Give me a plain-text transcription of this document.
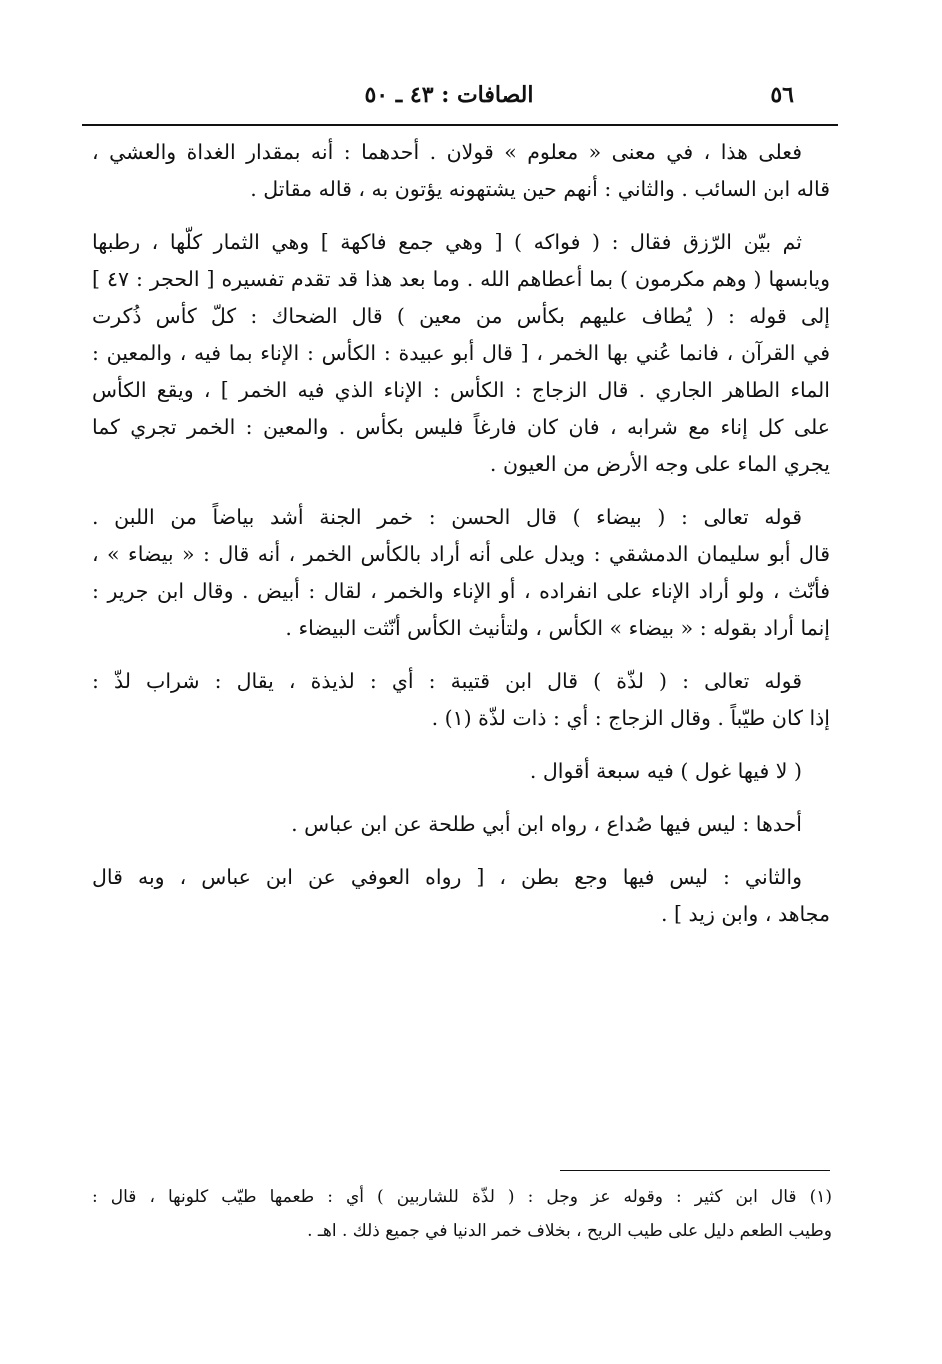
٥٦
الصافات : ٤٣ ـ ٥٠
فعلى هذا ، في معنى « معلوم » قولان . أحدهما : أنه بمقدار الغداة والعشي ،
قاله ابن السائب . والثاني : أنهم حين يشتهونه يؤتون به ، قاله مقاتل .
ثم بيّن الرّزق فقال : ( فواكه ) [ وهي جمع فاكهة ] وهي الثمار كلّها ، رطبها
ويابسها ( وهم مكرمون ) بما أعطاهم الله . وما بعد هذا قد تقدم تفسيره [ الحجر : ٤٧ ]
إلى قوله : ( يُطاف عليهم بكأس من معين ) قال الضحاك : كلّ كأس ذُكرت
في القرآن ، فانما عُني بها الخمر ، [ قال أبو عبيدة : الكأس : الإناء بما فيه ، والمعين :
الماء الطاهر الجاري . قال الزجاج : الكأس : الإناء الذي فيه الخمر ] ، ويقع الكأس
على كل إناء مع شرابه ، فان كان فارغاً فليس بكأس . والمعين : الخمر تجري كما
يجري الماء على وجه الأرض من العيون .
قوله تعالى : ( بيضاء ) قال الحسن : خمر الجنة أشد بياضاً من اللبن .
قال أبو سليمان الدمشقي : ويدل على أنه أراد بالكأس الخمر ، أنه قال : « بيضاء » ،
فأنّث ، ولو أراد الإناء على انفراده ، أو الإناء والخمر ، لقال : أبيض . وقال ابن جرير :
إنما أراد بقوله : « بيضاء » الكأس ، ولتأنيث الكأس أنّثت البيضاء .
قوله تعالى : ( لذّة ) قال ابن قتيبة : أي : لذيذة ، يقال : شراب لذّ :
إذا كان طيّباً . وقال الزجاج : أي : ذات لذّة (١) .
( لا فيها غول ) فيه سبعة أقوال .
أحدها : ليس فيها صُداع ، رواه ابن أبي طلحة عن ابن عباس .
والثاني : ليس فيها وجع بطن ، [ رواه العوفي عن ابن عباس ، وبه قال
مجاهد ، وابن زيد ] .
(١) قال ابن كثير : وقوله عز وجل : ( لذّة للشاربين ) أي : طعمها طيّب كلونها ، قال :
وطيب الطعم دليل على طيب الريح ، بخلاف خمر الدنيا في جميع ذلك . اهـ .
